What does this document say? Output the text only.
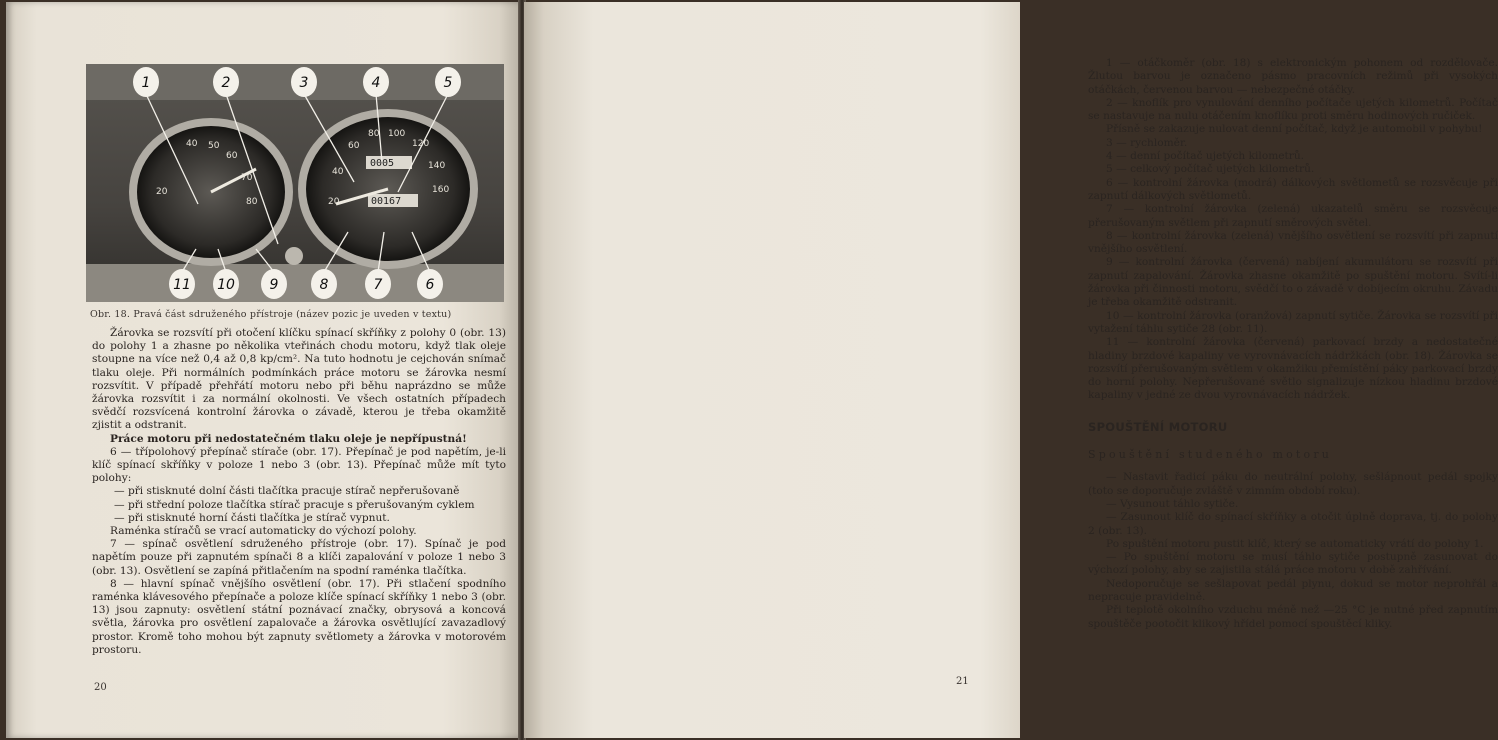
0005
00167
20
40 50
60
70
80	20
40
60
80 100
120
140
160
1	2	3	4	5
11 10 9	8	7	6
Obr. 18. Pravá část sdruženého přístroje (název pozic je uveden v textu)

Žárovka se rozsvítí při otočení klíčku spínací skříňky z polohy 0 (obr. 13) do polohy 1 a zhasne po několika vteřinách chodu motoru, když tlak oleje stoupne na více než 0,4 až 0,8 kp/cm². Na tuto hodnotu je cejchován snímač tlaku oleje. Při normálních podmínkách práce motoru se žárovka nesmí rozsvítit. V případě přehřátí motoru nebo při běhu naprázdno se může žárovka rozsvítit i za normální okolnosti. Ve všech ostatních případech svědčí rozsvícená kontrolní žárovka o závadě, kterou je třeba okamžitě zjistit a odstranit.

Práce motoru při nedostatečném tlaku oleje je nepřípustná!

6 — třípolohový přepínač stírače (obr. 17). Přepínač je pod napětím, je-li klíč spínací skříňky v poloze 1 nebo 3 (obr. 13). Přepínač může mít tyto polohy:

— při stisknuté dolní části tlačítka pracuje stírač nepřerušovaně

— při střední poloze tlačítka stírač pracuje s přerušovaným cyklem

— při stisknuté horní části tlačítka je stírač vypnut.

Raménka stíračů se vrací automaticky do výchozí polohy.

7 — spínač osvětlení sdruženého přístroje (obr. 17). Spínač je pod napětím pouze při zapnutém spínači 8 a klíči zapalování v poloze 1 nebo 3 (obr. 13). Osvětlení se zapíná přitlačením na spodní raménka tlačítka.

8 — hlavní spínač vnějšího osvětlení (obr. 17). Při stlačení spodního raménka klávesového přepínače a poloze klíče spínací skříňky 1 nebo 3 (obr. 13) jsou zapnuty: osvětlení státní poznávací značky, obrysová a koncová světla, žárovka pro osvětlení zapalovače a žárovka osvětlující zavazadlový prostor. Kromě toho mohou být zapnuty světlomety a žárovka v motorovém prostoru.

20

1 — otáčkoměr (obr. 18) s elektronickým pohonem od rozdělovače. Žlutou barvou je označeno pásmo pracovních režimů při vysokých otáčkách, červenou barvou — nebezpečné otáčky.

2 — knoflík pro vynulování denního počítače ujetých kilometrů. Počítač se nastavuje na nulu otáčením knoflíku proti směru hodinových ručiček.

Přísně se zakazuje nulovat denní počítač, když je automobil v pohybu!

3 — rychloměr.

4 — denní počítač ujetých kilometrů.

5 — celkový počítač ujetých kilometrů.

6 — kontrolní žárovka (modrá) dálkových světlometů se rozsvěcuje při zapnutí dálkových světlometů.

7 — kontrolní žárovka (zelená) ukazatelů směru se rozsvěcuje přerušovaným světlem při zapnutí směrových světel.

8 — kontrolní žárovka (zelená) vnějšího osvětlení se rozsvítí při zapnutí vnějšího osvětlení.

9 — kontrolní žárovka (červená) nabíjení akumulátoru se rozsvítí při zapnutí zapalování. Žárovka zhasne okamžitě po spuštění motoru. Svítí-li žárovka při činnosti motoru, svědčí to o závadě v dobíjecím okruhu. Závadu je třeba okamžitě odstranit.

10 — kontrolní žárovka (oranžová) zapnutí sytiče. Žárovka se rozsvítí při vytažení táhlu sytiče 28 (obr. 11).

11 — kontrolní žárovka (červená) parkovací brzdy a nedostatečné hladiny brzdové kapaliny ve vyrovnávacích nádržkách (obr. 18). Žárovka se rozsvítí přerušovaným světlem v okamžiku přemístění páky parkovací brzdy do horní polohy. Nepřerušované světlo signalizuje nízkou hladinu brzdové kapaliny v jedné ze dvou vyrovnávacích nádržek.

SPOUŠTĚNÍ MOTORU
Spouštění studeného motoru

— Nastavit řadicí páku do neutrální polohy, sešlápnout pedál spojky (toto se doporučuje zvláště v zimním období roku).

— Vysunout táhlo sytiče.

— Zasunout klíč do spínací skříňky a otočit úplně doprava, tj. do polohy 2 (obr. 13).

Po spuštění motoru pustit klíč, který se automaticky vrátí do polohy 1.

— Po spuštění motoru se musí táhlo sytiče postupně zasunovat do výchozí polohy, aby se zajistila stálá práce motoru v době zahřívání.

Nedoporučuje se sešlapovat pedál plynu, dokud se motor neprohřál a nepracuje pravidelně.

Při teplotě okolního vzduchu méně než —25 °C je nutné před zapnutím spouštěče pootočit klikový hřídel pomocí spouštěcí kliky.

21
